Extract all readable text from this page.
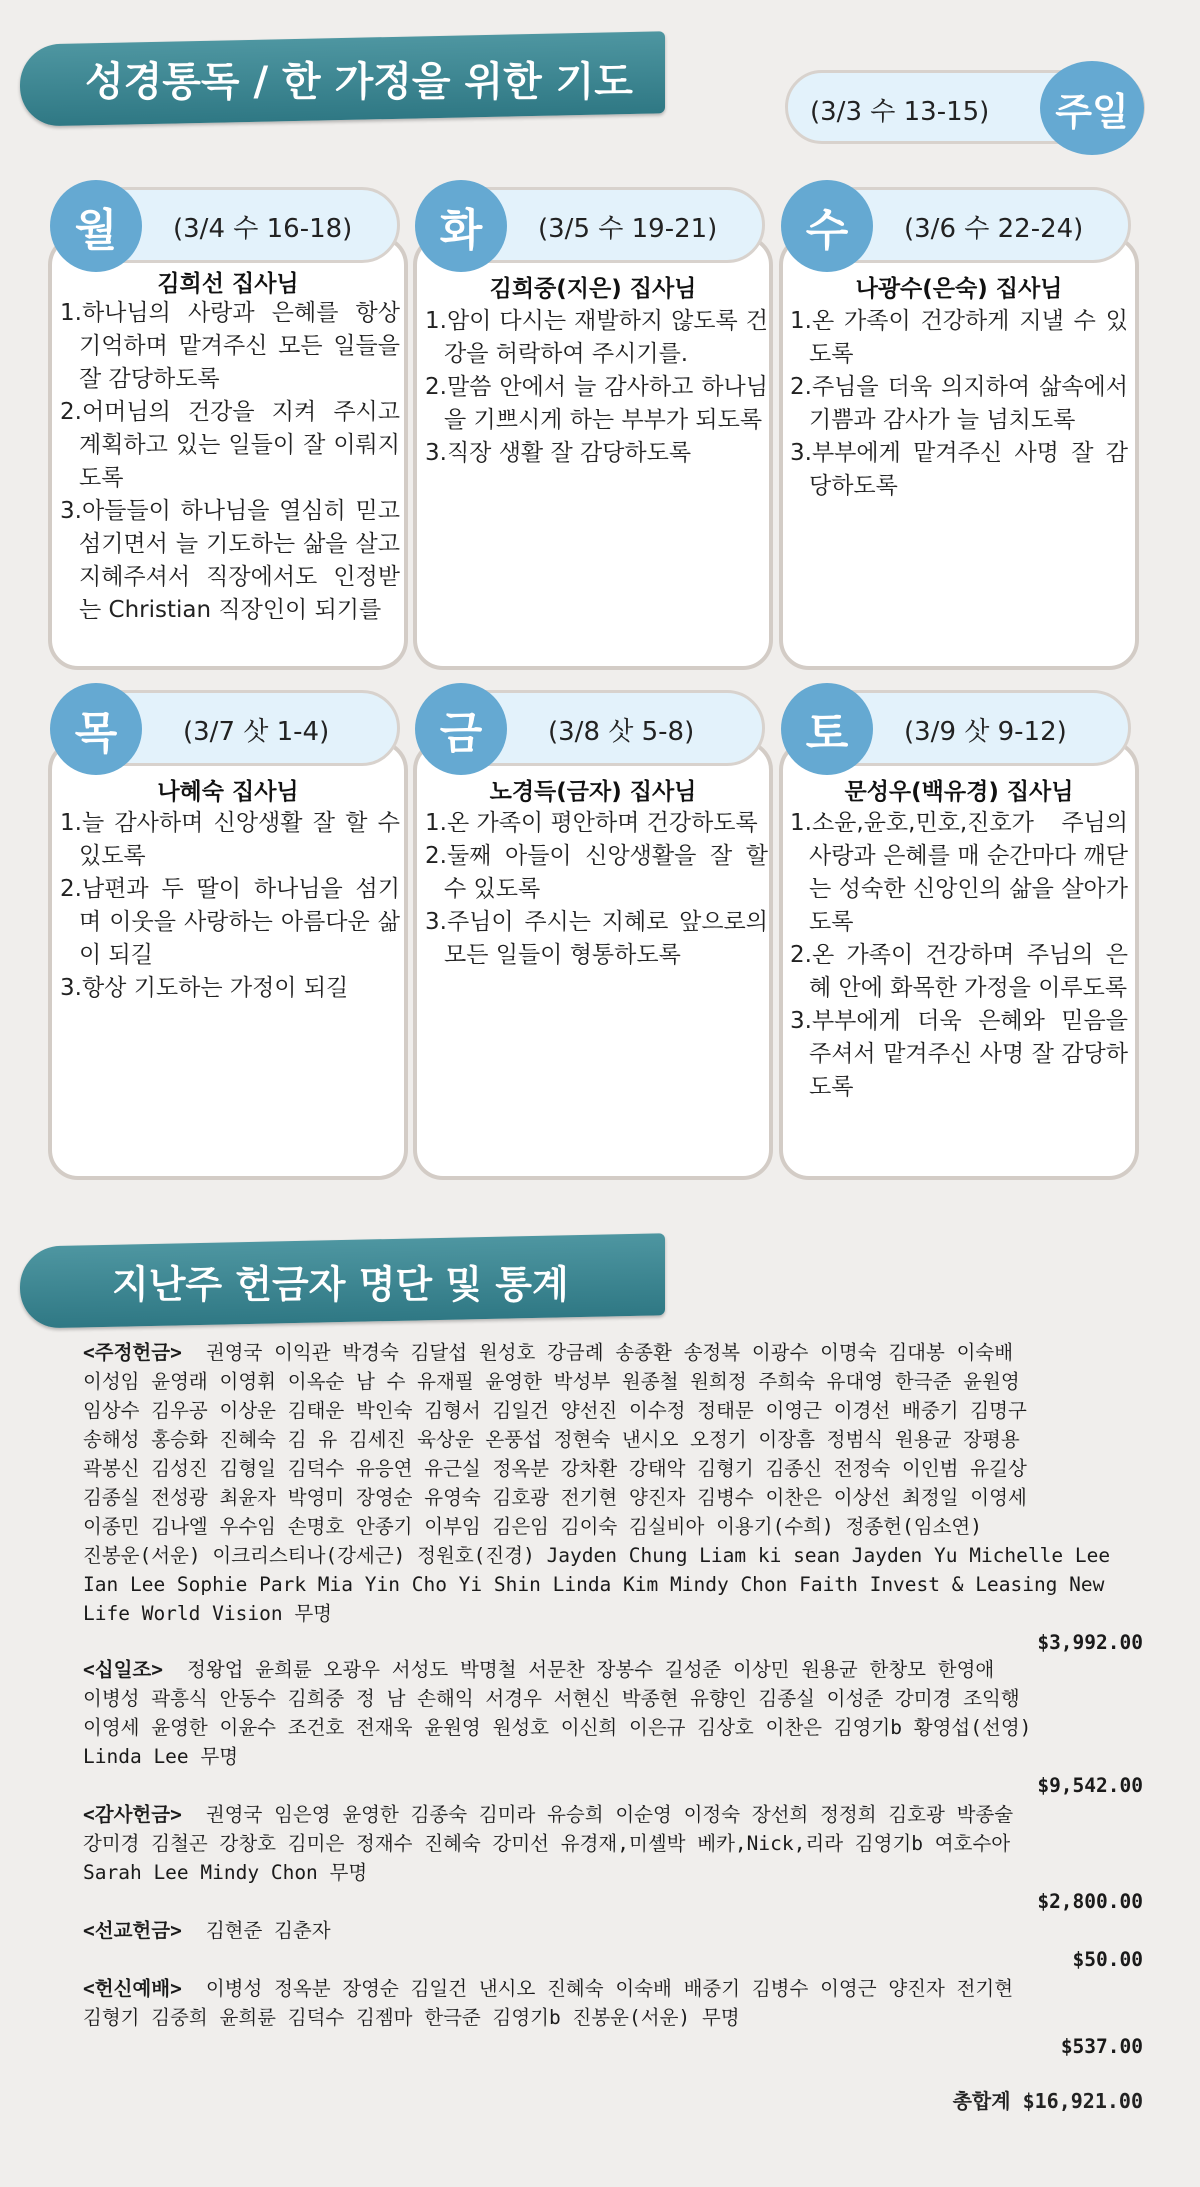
성경통독 / 한 가정을 위한 기도
(3/3 수 13-15) 주일
월 (3/4 수 16-18) 화 (3/5 수 19-21) 수 (3/6 수 22-24)
김희선 집사님	김희중(지은) 집사님	나광수(은숙) 집사님

1.하나님의 사랑과 은혜를 항상 기억하며 맡겨주신 모든 일들을 잘 감당하도록

2.어머님의 건강을 지켜 주시고 계획하고 있는 일들이 잘 이뤄지도록

3.아들들이 하나님을 열심히 믿고 섬기면서 늘 기도하는 삶을 살고 지혜주셔서 직장에서도 인정받는 Christian 직장인이 되기를

1.암이 다시는 재발하지 않도록 건강을 허락하여 주시기를.

2.말씀 안에서 늘 감사하고 하나님을 기쁘시게 하는 부부가 되도록

3.직장 생활 잘 감당하도록

1.온 가족이 건강하게 지낼 수 있도록

2.주님을 더욱 의지하여 삶속에서 기쁨과 감사가 늘 넘치도록

3.부부에게 맡겨주신 사명 잘 감당하도록

목	(3/7 삿 1-4)	금	(3/8 삿 5-8)	토 (3/9 삿 9-12)
나혜숙 집사님	노경득(금자) 집사님	문성우(백유경) 집사님

1.늘 감사하며 신앙생활 잘 할 수 있도록

2.남편과 두 딸이 하나님을 섬기며 이웃을 사랑하는 아름다운 삶이 되길

3.항상 기도하는 가정이 되길

1.온 가족이 평안하며 건강하도록

2.둘째 아들이 신앙생활을 잘 할 수 있도록

3.주님이 주시는 지혜로 앞으로의 모든 일들이 형통하도록

1.소윤,윤호,민호,진호가 주님의 사랑과 은혜를 매 순간마다 깨닫는 성숙한 신앙인의 삶을 살아가도록

2.온 가족이 건강하며 주님의 은혜 안에 화목한 가정을 이루도록

3.부부에게 더욱 은혜와 믿음을 주셔서 맡겨주신 사명 잘 감당하도록

지난주 헌금자 명단 및 통계
<주정헌금> 권영국 이익관 박경숙 김달섭 원성호 강금례 송종환 송정복 이광수 이명숙 김대봉 이숙배
이성임 윤영래 이영휘 이옥순 남 수 유재필 윤영한 박성부 원종철 원희정 주희숙 유대영 한극준 윤원영
임상수 김우공 이상운 김태운 박인숙 김형서 김일건 양선진 이수정 정태문 이영근 이경선 배중기 김명구
송해성 홍승화 진혜숙 김 유 김세진 육상운 온풍섭 정현숙 낸시오 오정기 이장흠 정범식 원용균 장평용
곽봉신 김성진 김형일 김덕수 유응연 유근실 정옥분 강차환 강태악 김형기 김종신 전정숙 이인범 유길상
김종실 전성광 최윤자 박영미 장영순 유영숙 김호광 전기현 양진자 김병수 이찬은 이상선 최정일 이영세
이종민 김나엘 우수임 손명호 안종기 이부임 김은임 김이숙 김실비아 이용기(수희) 정종헌(임소연)
진봉운(서운) 이크리스티나(강세근) 정원호(진경) Jayden Chung Liam ki sean Jayden Yu Michelle Lee
Ian Lee Sophie Park Mia Yin Cho Yi Shin Linda Kim Mindy Chon Faith Invest & Leasing New
Life World Vision 무명
$3,992.00
<십일조> 정왕업 윤희륜 오광우 서성도 박명철 서문찬 장봉수 길성준 이상민 원용균 한창모 한영애
이병성 곽흥식 안동수 김희중 정 남 손해익 서경우 서현신 박종현 유향인 김종실 이성준 강미경 조익행
이영세 윤영한 이윤수 조건호 전재욱 윤원영 원성호 이신희 이은규 김상호 이찬은 김영기b 황영섭(선영)
Linda Lee 무명
$9,542.00
<감사헌금> 권영국 임은영 윤영한 김종숙 김미라 유승희 이순영 이정숙 장선희 정정희 김호광 박종술
강미경 김철곤 강창호 김미은 정재수 진혜숙 강미선 유경재,미셸박 베카,Nick,리라 김영기b 여호수아
Sarah Lee Mindy Chon 무명
$2,800.00
<선교헌금> 김현준 김춘자
$50.00
<헌신예배> 이병성 정옥분 장영순 김일건 낸시오 진혜숙 이숙배 배중기 김병수 이영근 양진자 전기현
김형기 김중희 윤희륜 김덕수 김젬마 한극준 김영기b 진봉운(서운) 무명
$537.00
총합계 $16,921.00
